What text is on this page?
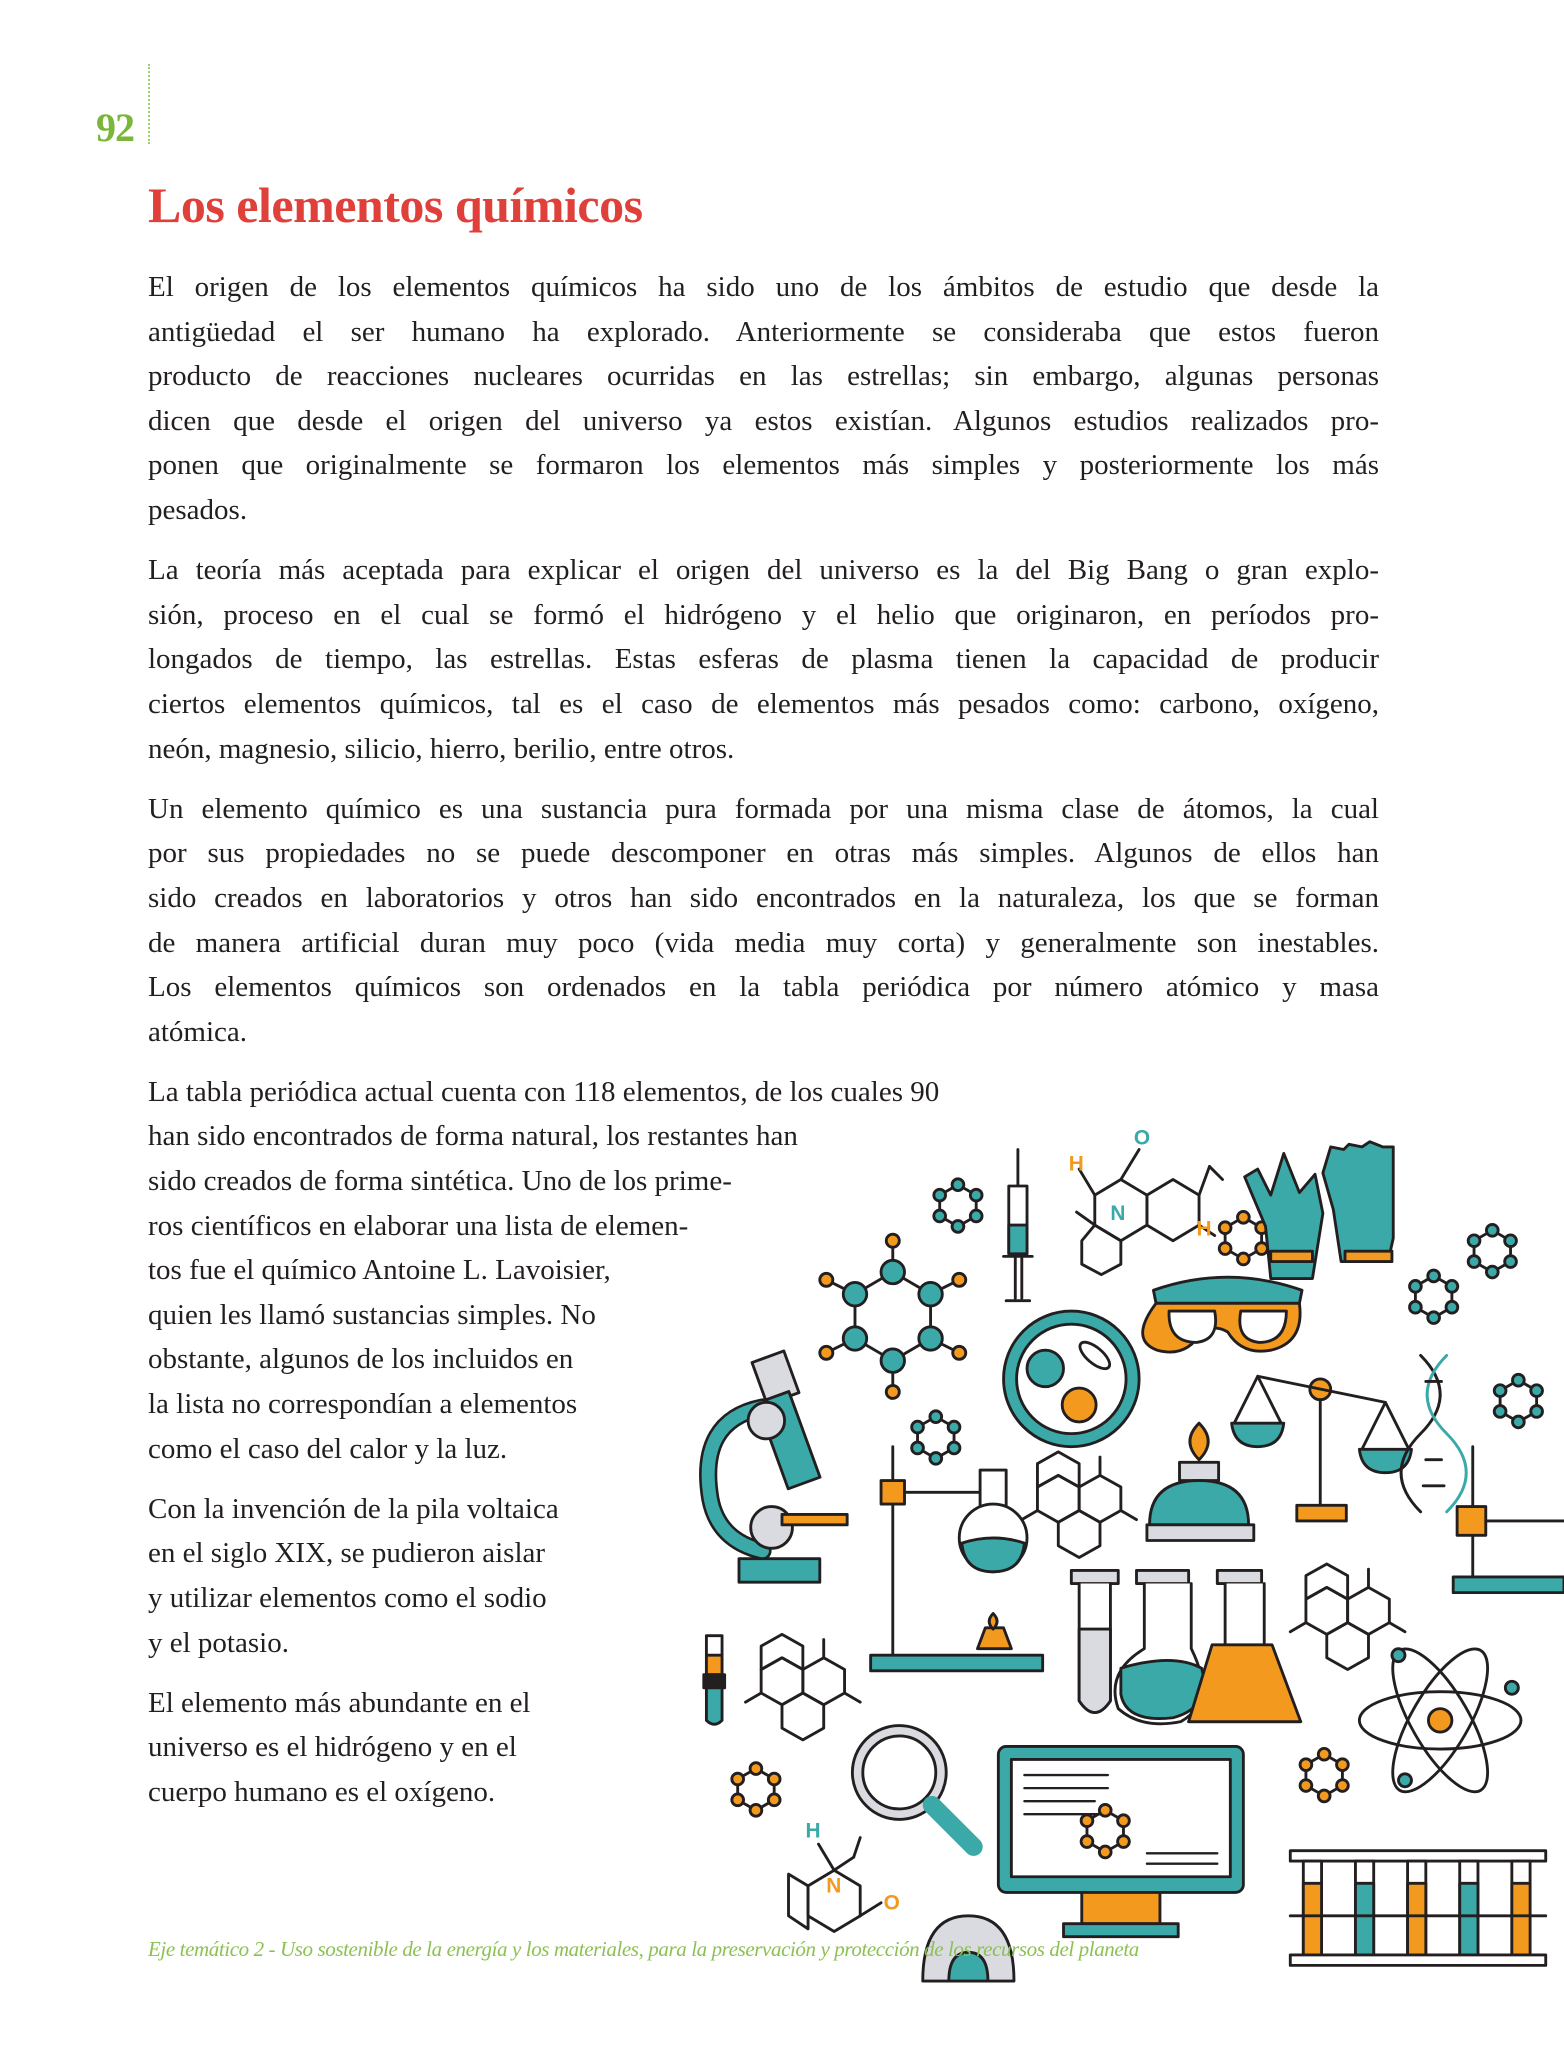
92
Los elementos químicos
El origen de los elementos químicos ha sido uno de los ámbitos de estudio que desde la
antigüedad el ser humano ha explorado. Anteriormente se consideraba que estos fueron
producto de reacciones nucleares ocurridas en las estrellas; sin embargo, algunas personas
dicen que desde el origen del universo ya estos existían. Algunos estudios realizados pro-
ponen que originalmente se formaron los elementos más simples y posteriormente los más
pesados.
La teoría más aceptada para explicar el origen del universo es la del Big Bang o gran explo-
sión, proceso en el cual se formó el hidrógeno y el helio que originaron, en períodos pro-
longados de tiempo, las estrellas. Estas esferas de plasma tienen la capacidad de producir
ciertos elementos químicos, tal es el caso de elementos más pesados como: carbono, oxígeno,
neón, magnesio, silicio, hierro, berilio, entre otros.
Un elemento químico es una sustancia pura formada por una misma clase de átomos, la cual
por sus propiedades no se puede descomponer en otras más simples. Algunos de ellos han
sido creados en laboratorios y otros han sido encontrados en la naturaleza, los que se forman
de manera artificial duran muy poco (vida media muy corta) y generalmente son inestables.
Los elementos químicos son ordenados en la tabla periódica por número atómico y masa
atómica.
La tabla periódica actual cuenta con 118 elementos, de los cuales 90
han sido encontrados de forma natural, los restantes han
sido creados de forma sintética. Uno de los prime-
ros científicos en elaborar una lista de elemen-
tos fue el químico Antoine L. Lavoisier,
quien les llamó sustancias simples. No
obstante, algunos de los incluidos en
la lista no correspondían a elementos
como el caso del calor y la luz.
Con la invención de la pila voltaica
en el siglo XIX, se pudieron aislar
y utilizar elementos como el sodio
y el potasio.
El elemento más abundante en el
universo es el hidrógeno y en el
cuerpo humano es el oxígeno.
H
O
N
H
H
N
O
Eje temático 2 - Uso sostenible de la energía y los materiales, para la preservación y protección de los recursos del planeta
